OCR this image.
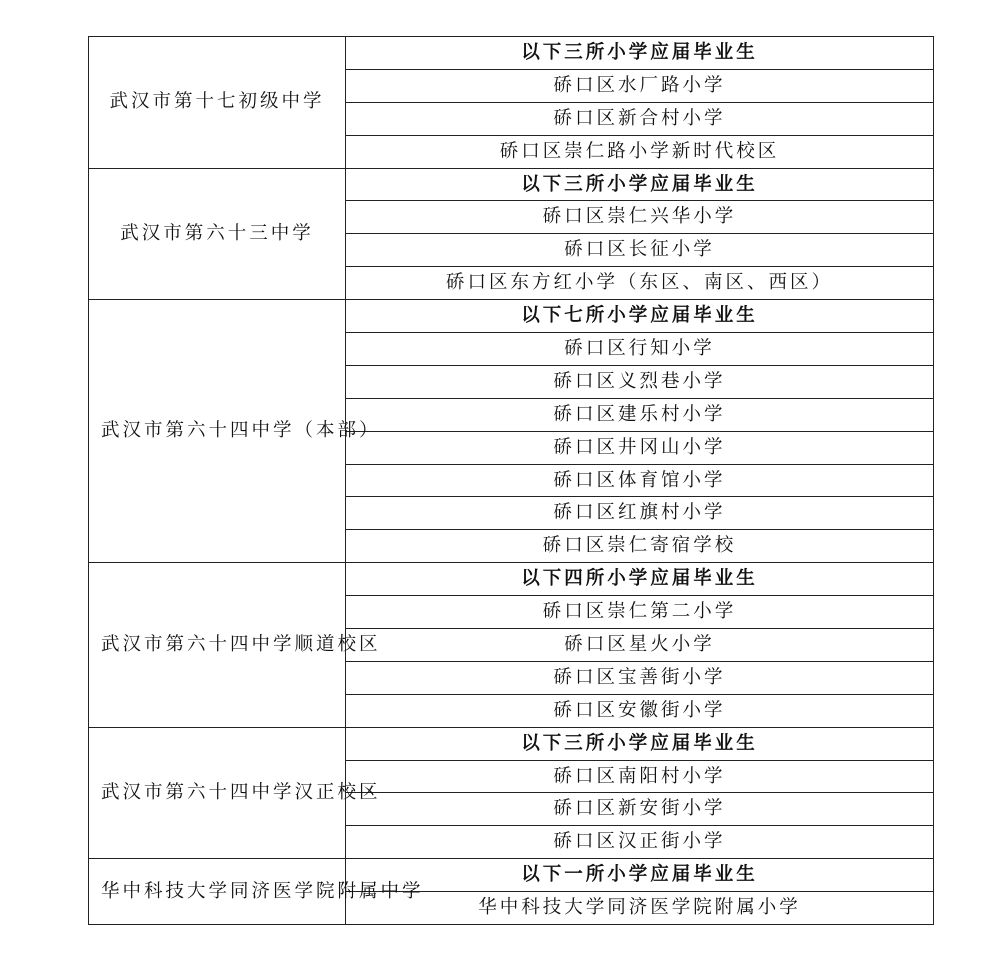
武汉市第十七初级中学	以下三所小学应届毕业生
	硚口区水厂路小学
	硚口区新合村小学
	硚口区崇仁路小学新时代校区
武汉市第六十三中学	以下三所小学应届毕业生
	硚口区崇仁兴华小学
	硚口区长征小学
	硚口区东方红小学（东区、南区、西区）
武汉市第六十四中学（本部）	以下七所小学应届毕业生
	硚口区行知小学
	硚口区义烈巷小学
	硚口区建乐村小学
	硚口区井冈山小学
	硚口区体育馆小学
	硚口区红旗村小学
	硚口区崇仁寄宿学校
武汉市第六十四中学顺道校区	以下四所小学应届毕业生
	硚口区崇仁第二小学
	硚口区星火小学
	硚口区宝善街小学
	硚口区安徽街小学
武汉市第六十四中学汉正校区	以下三所小学应届毕业生
	硚口区南阳村小学
	硚口区新安街小学
	硚口区汉正街小学
华中科技大学同济医学院附属中学	以下一所小学应届毕业生
	华中科技大学同济医学院附属小学
